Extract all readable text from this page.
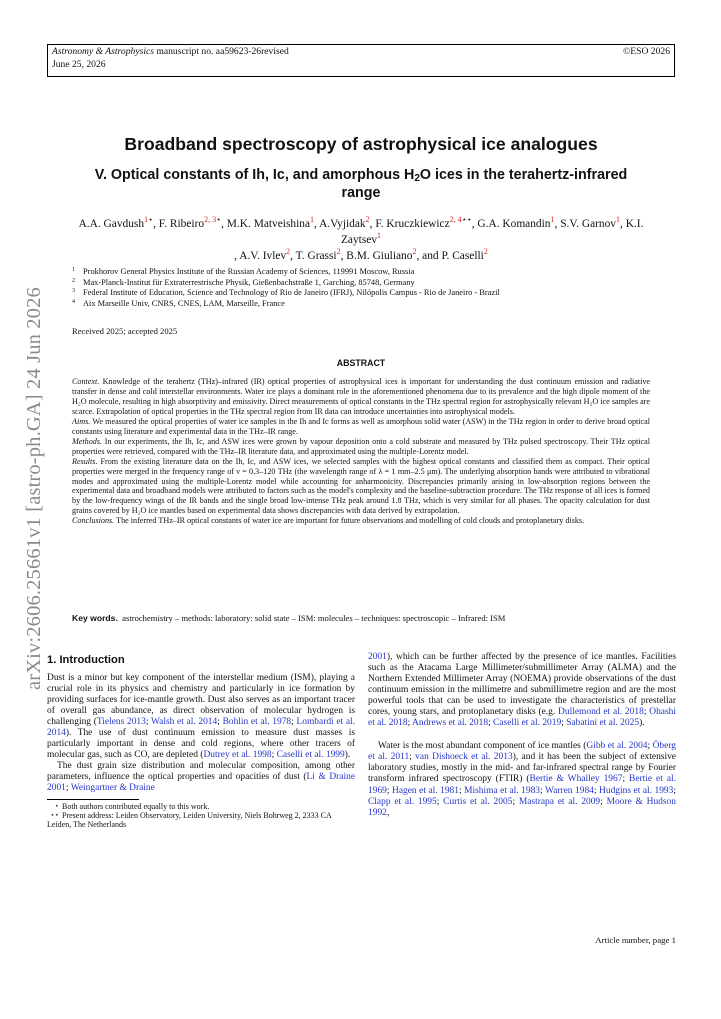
Astronomy & Astrophysics manuscript no. aa59623-26revised
June 25, 2026
©ESO 2026
arXiv:2606.25661v1 [astro-ph.GA] 24 Jun 2026
Broadband spectroscopy of astrophysical ice analogues
V. Optical constants of Ih, Ic, and amorphous $H_2O$ ices in the terahertz-infrared range
A.A. Gavdush$^{1⋆}$, F. Ribeiro$^{2, 3⋆}$, M.K. Matveishina$^1$, A.Vyjidak$^2$, F. Kruczkiewicz$^{2, 4⋆⋆}$, G.A. Komandin$^1$, S.V. Garnov$^1$, K.I. Zaytsev$^1$
, A.V. Ivlev$^2$, T. Grassi$^2$, B.M. Giuliano$^2$, and P. Caselli$^2$
1 Prokhorov General Physics Institute of the Russian Academy of Sciences, 119991 Moscow, Russia
2 Max-Planck-Institut für Extraterrestrische Physik, Gießenbachstraße 1, Garching, 85748, Germany
3 Federal Institute of Education, Science and Technology of Rio de Janeiro (IFRJ), Nilópolis Campus - Rio de Janeiro - Brazil
4 Aix Marseille Univ, CNRS, CNES, LAM, Marseille, France
Received 2025; accepted 2025
ABSTRACT

Context. Knowledge of the terahertz (THz)–infrared (IR) optical properties of astrophysical ices is important for understanding the dust continuum emission and radiative transfer in dense and cold interstellar environments. Water ice plays a dominant role in the aforementioned phenomena due to its prevalence and the high dipole moment of the H₂O molecule, resulting in high absorptivity and emissivity. Direct measurements of optical constants in the THz spectral region for astrophysically relevant H₂O ice samples are scarce. Extrapolation of optical properties in the THz spectral region from IR data can introduce uncertainties into astrophysical models.

Aims. We measured the optical properties of water ice samples in the Ih and Ic forms as well as amorphous solid water (ASW) in the THz region in order to derive broad optical constants using literature and experimental data in the THz–IR range.

Methods. In our experiments, the Ih, Ic, and ASW ices were grown by vapour deposition onto a cold substrate and measured by THz pulsed spectroscopy. Their THz optical properties were retrieved, compared with the THz–IR literature data, and approximated using the multiple-Lorentz model.

Results. From the existing literature data on the Ih, Ic, and ASW ices, we selected samples with the highest optical constants and classified them as compact. Their optical properties were merged in the frequency range of ν = 0.3–120 THz (the wavelength range of λ = 1 mm–2.5 μm). The underlying absorption bands were attributed to vibrational modes and approximated using the multiple-Lorentz model while accounting for anharmonicity. Discrepancies primarily arising in low-absorption regions between the experimental data and broadband models were attributed to factors such as the model's complexity and the baseline-subtraction procedure. The THz response of all ices is formed by the low-frequency wings of the IR bands and the single broad low-intense THz peak around 1.8 THz, which is very similar for all phases. The opacity calculation for dust grains covered by H₂O ice mantles based on experimental data shows discrepancies with data derived by extrapolation.

Conclusions. The inferred THz–IR optical constants of water ice are important for future observations and modelling of cold clouds and protoplanetary disks.

Key words. astrochemistry – methods: laboratory: solid state – ISM: molecules – techniques: spectroscopic – Infrared: ISM
1. Introduction

Dust is a minor but key component of the interstellar medium (ISM), playing a crucial role in its physics and chemistry and particularly in ice formation by providing surfaces for ice-mantle growth. Dust also serves as an important tracer of overall gas abundance, as direct observation of molecular hydrogen is challenging (Tielens 2013; Walsh et al. 2014; Bohlin et al. 1978; Lombardi et al. 2014). The use of dust continuum emission to measure dust masses is particularly important in dense and cold regions, where other tracers of molecular gas, such as CO, are depleted (Dutrey et al. 1998; Caselli et al. 1999).

The dust grain size distribution and molecular composition, among other parameters, influence the optical properties and opacities of dust (Li & Draine 2001; Weingartner & Draine

⋆ Both authors contributed equally to this work.
⋆⋆ Present address: Leiden Observatory, Leiden University, Niels Bohrweg 2, 2333 CA Leiden, The Netherlands

2001), which can be further affected by the presence of ice mantles. Facilities such as the Atacama Large Millimeter/submillimeter Array (ALMA) and the Northern Extended Millimeter Array (NOEMA) provide observations of the dust continuum emission in the millimetre and submillimetre region and are the most powerful tools that can be used to investigate the characteristics of prestellar cores, young stars, and protoplanetary disks (e.g. Dullemond et al. 2018; Ohashi et al. 2018; Andrews et al. 2018; Caselli et al. 2019; Sabatini et al. 2025).

Water is the most abundant component of ice mantles (Gibb et al. 2004; Öberg et al. 2011; van Dishoeck et al. 2013), and it has been the subject of extensive laboratory studies, mostly in the mid- and far-infrared spectral range by Fourier transform infrared spectroscopy (FTIR) (Bertie & Whalley 1967; Bertie et al. 1969; Hagen et al. 1981; Mishima et al. 1983; Warren 1984; Hudgins et al. 1993; Clapp et al. 1995; Curtis et al. 2005; Mastrapa et al. 2009; Moore & Hudson 1992,

Article number, page 1
